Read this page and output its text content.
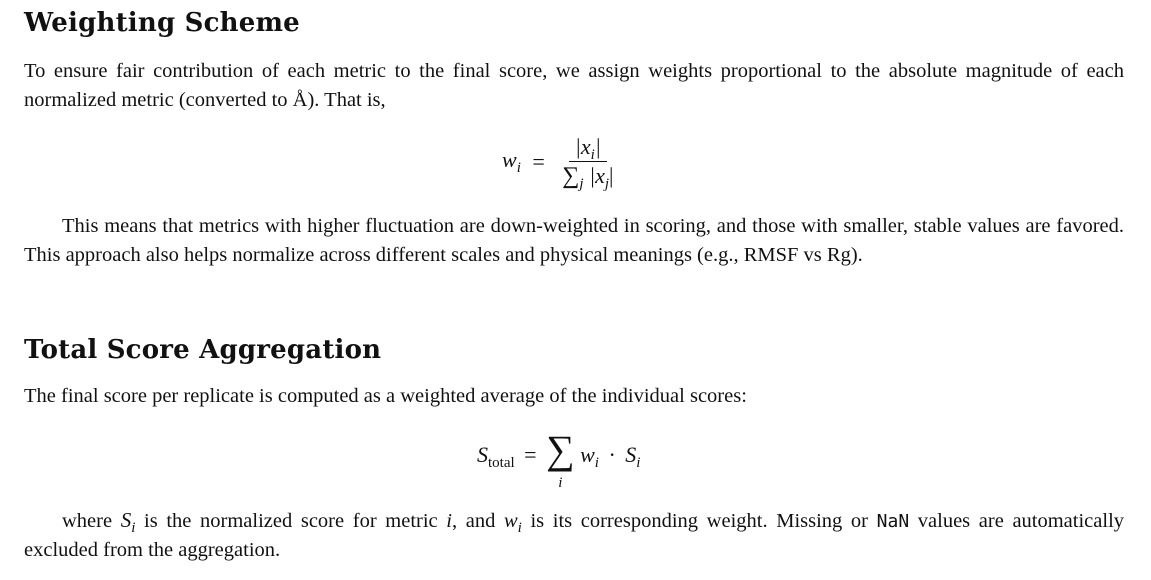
Weighting Scheme

To ensure fair contribution of each metric to the final score, we assign weights proportional to the absolute magnitude of each normalized metric (converted to Å). That is,

$w_i = \frac{|x_i|}{\sum_j |x_j|}$

This means that metrics with higher fluctuation are down-weighted in scoring, and those with smaller, stable values are favored. This approach also helps normalize across different scales and physical meanings (e.g., RMSF vs Rg).

Total Score Aggregation

The final score per replicate is computed as a weighted average of the individual scores:

$S_{total}$ = ∑
i
$w_i \cdot S_i$

where $S_i$ is the normalized score for metric i, and $w_i$ is its corresponding weight. Missing or NaN values are automatically excluded from the aggregation.
